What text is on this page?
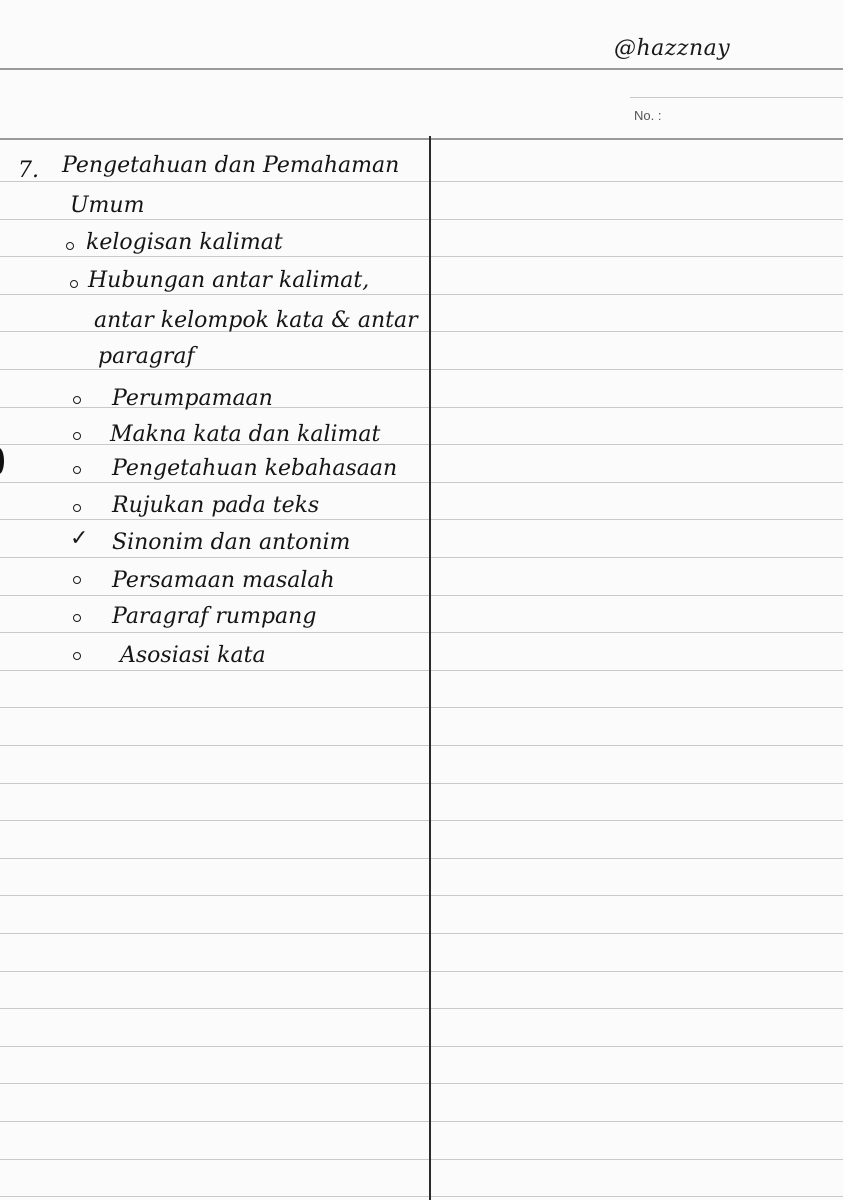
@hazznay
No. :
7. Pengetahuan dan Pemahaman
Umum
kelogisan kalimat
Hubungan antar kalimat,
antar kelompok kata & antar
paragraf
Perumpamaan
Makna kata dan kalimat
Pengetahuan kebahasaan
Rujukan pada teks
✓ Sinonim dan antonim
Persamaan masalah
Paragraf rumpang
Asosiasi kata
